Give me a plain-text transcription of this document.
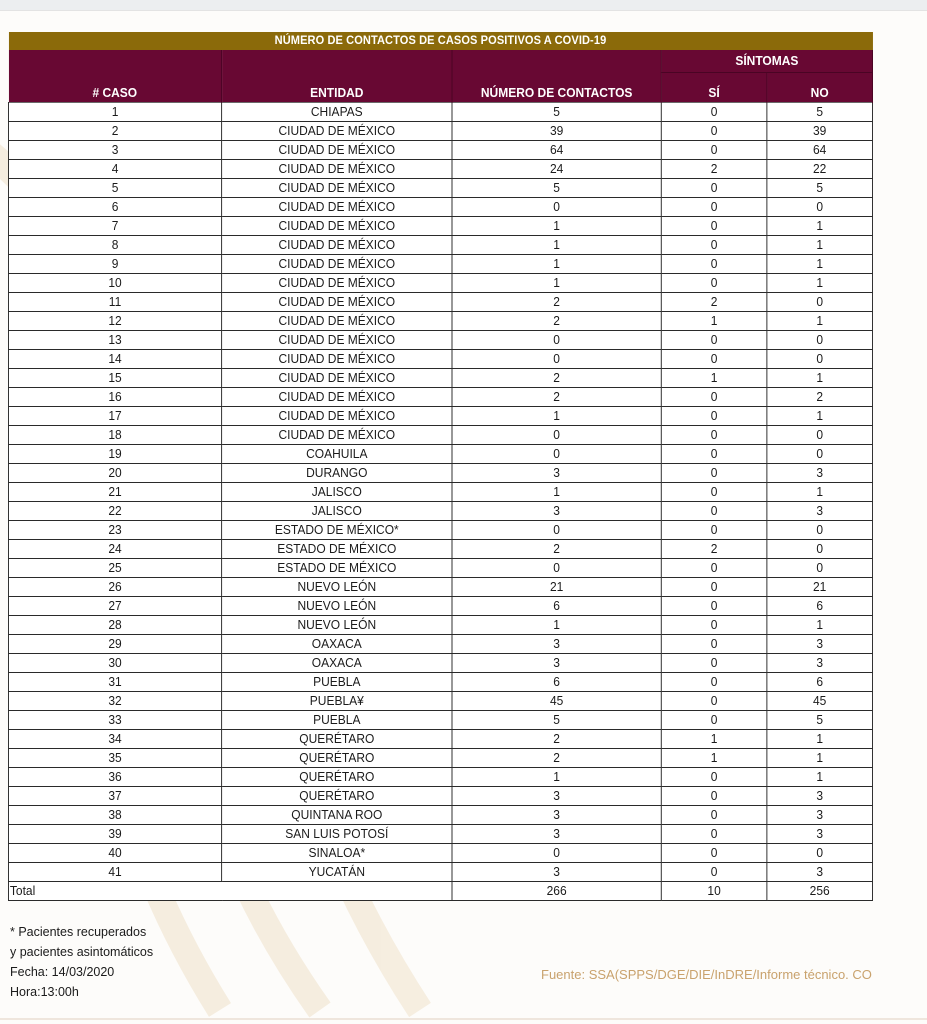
NÚMERO DE CONTACTOS DE CASOS POSITIVOS A COVID-19				
# CASO	ENTIDAD	NÚMERO DE CONTACTOS	SÍNTOMAS	
			SÍ	NO
1	CHIAPAS	5	0	5
2	CIUDAD DE MÉXICO	39	0	39
3	CIUDAD DE MÉXICO	64	0	64
4	CIUDAD DE MÉXICO	24	2	22
5	CIUDAD DE MÉXICO	5	0	5
6	CIUDAD DE MÉXICO	0	0	0
7	CIUDAD DE MÉXICO	1	0	1
8	CIUDAD DE MÉXICO	1	0	1
9	CIUDAD DE MÉXICO	1	0	1
10	CIUDAD DE MÉXICO	1	0	1
11	CIUDAD DE MÉXICO	2	2	0
12	CIUDAD DE MÉXICO	2	1	1
13	CIUDAD DE MÉXICO	0	0	0
14	CIUDAD DE MÉXICO	0	0	0
15	CIUDAD DE MÉXICO	2	1	1
16	CIUDAD DE MÉXICO	2	0	2
17	CIUDAD DE MÉXICO	1	0	1
18	CIUDAD DE MÉXICO	0	0	0
19	COAHUILA	0	0	0
20	DURANGO	3	0	3
21	JALISCO	1	0	1
22	JALISCO	3	0	3
23	ESTADO DE MÉXICO*	0	0	0
24	ESTADO DE MÉXICO	2	2	0
25	ESTADO DE MÉXICO	0	0	0
26	NUEVO LEÓN	21	0	21
27	NUEVO LEÓN	6	0	6
28	NUEVO LEÓN	1	0	1
29	OAXACA	3	0	3
30	OAXACA	3	0	3
31	PUEBLA	6	0	6
32	PUEBLA¥	45	0	45
33	PUEBLA	5	0	5
34	QUERÉTARO	2	1	1
35	QUERÉTARO	2	1	1
36	QUERÉTARO	1	0	1
37	QUERÉTARO	3	0	3
38	QUINTANA ROO	3	0	3
39	SAN LUIS POTOSÍ	3	0	3
40	SINALOA*	0	0	0
41	YUCATÁN	3	0	3
Total		266	10	256
* Pacientes recuperados
y pacientes asintomáticos
Fecha: 14/03/2020
Hora:13:00h
Fuente: SSA(SPPS/DGE/DIE/InDRE/Informe técnico. CO
